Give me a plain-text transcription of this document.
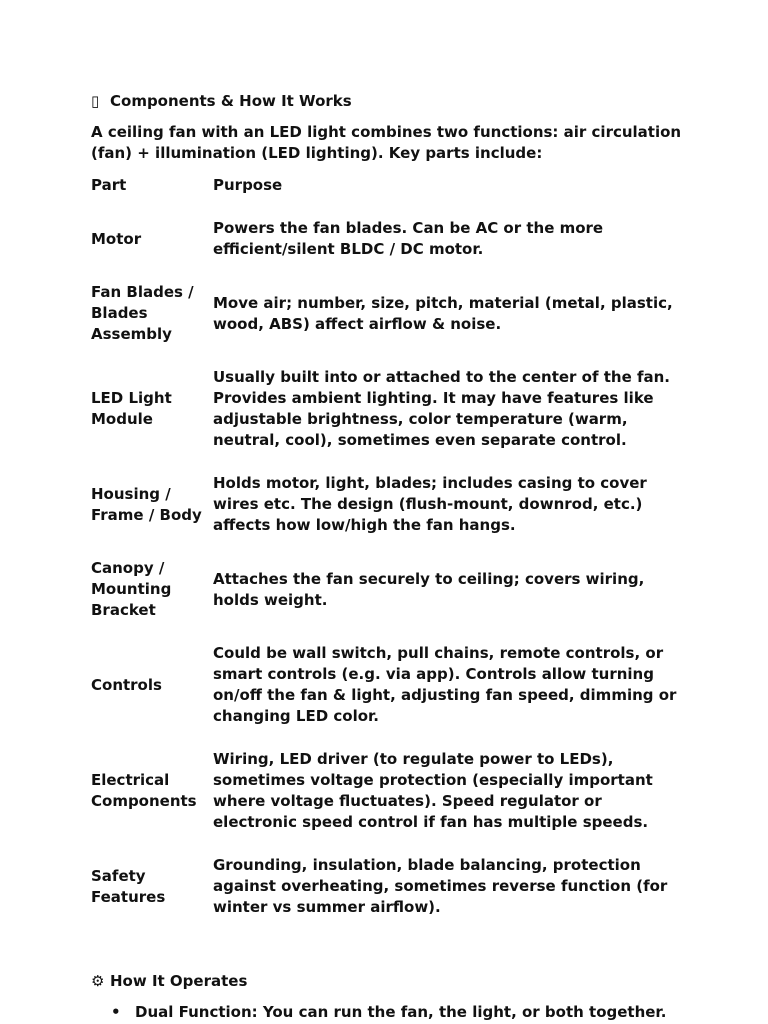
▯ Components & How It Works

A ceiling fan with an LED light combines two functions: air circulation (fan) + illumination (LED lighting). Key parts include:

Part	Purpose
Motor	Powers the fan blades. Can be AC or the more efficient/silent BLDC / DC motor.
Fan Blades / Blades Assembly	Move air; number, size, pitch, material (metal, plastic, wood, ABS) affect airflow & noise.
LED Light Module	Usually built into or attached to the center of the fan. Provides ambient lighting. It may have features like adjustable brightness, color temperature (warm, neutral, cool), sometimes even separate control.
Housing / Frame / Body	Holds motor, light, blades; includes casing to cover wires etc. The design (flush-mount, downrod, etc.) affects how low/high the fan hangs.
Canopy / Mounting Bracket	Attaches the fan securely to ceiling; covers wiring, holds weight.
Controls	Could be wall switch, pull chains, remote controls, or smart controls (e.g. via app). Controls allow turning on/off the fan & light, adjusting fan speed, dimming or changing LED color.
Electrical Components	Wiring, LED driver (to regulate power to LEDs), sometimes voltage protection (especially important where voltage fluctuates). Speed regulator or electronic speed control if fan has multiple speeds.
Safety Features	Grounding, insulation, blade balancing, protection against overheating, sometimes reverse function (for winter vs summer airflow).
⚙ How It Operates
• Dual Function: You can run the fan, the light, or both together.
